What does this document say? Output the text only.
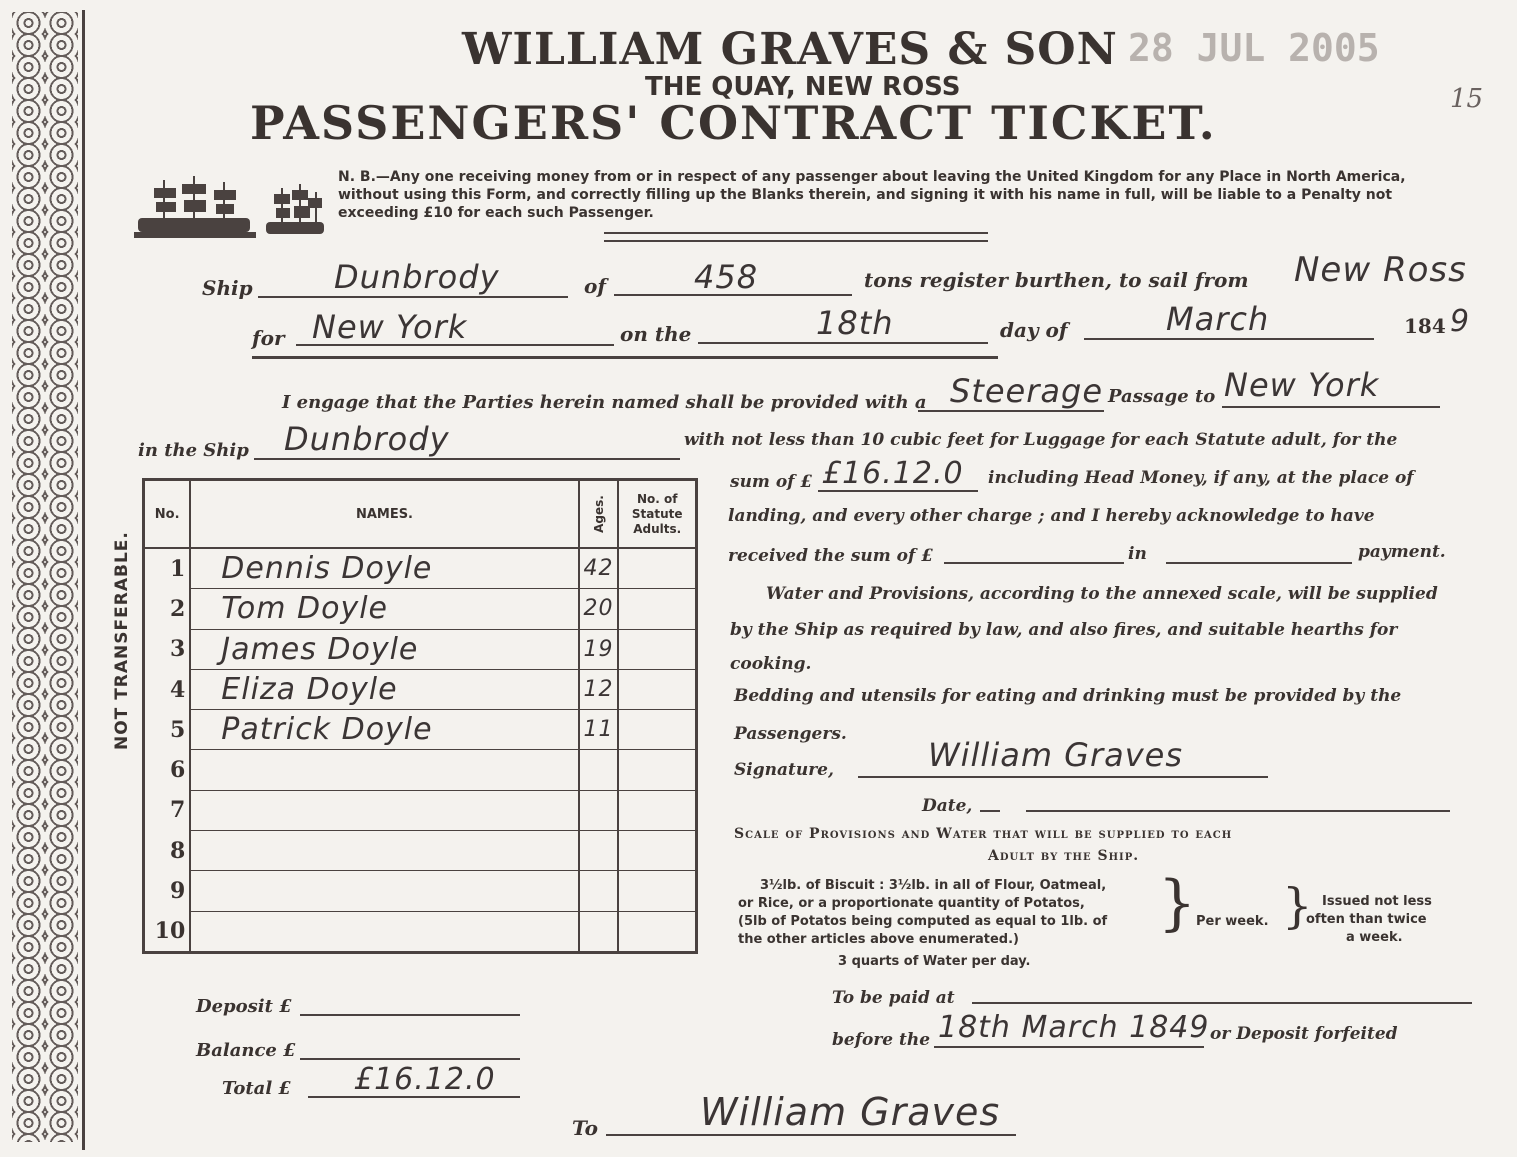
WILLIAM GRAVES & SON 28 JUL 2005
15
THE QUAY, NEW ROSS
PASSENGERS' CONTRACT TICKET.
N. B.—Any one receiving money from or in respect of any passenger about leaving the United Kingdom for any Place in North America, without using this Form, and correctly filling up the Blanks therein, and signing it with his name in full, will be liable to a Penalty not exceeding £10 for each such Passenger.
NOT TRANSFERABLE.
Ship	Dunbrody	of	458	tons register burthen, to sail from New Ross
for New York	on the	18th	day of	March	184 9
I engage that the Parties herein named shall be provided with a Steerage Passage to New York
in the Ship Dunbrody	with not less than 10 cubic feet for Luggage for each Statute adult, for the
sum of £ £16.12.0 including Head Money, if any, at the place of
landing, and every other charge ; and I hereby acknowledge to have
received the sum of £	in	payment.
Water and Provisions, according to the annexed scale, will be supplied
by the Ship as required by law, and also fires, and suitable hearths for
cooking.
Bedding and utensils for eating and drinking must be provided by the
Passengers.
Signature,	William Graves
Date,
No.	NAMES.	Ages.	No. of Statute Adults.
1	Dennis Doyle	42	
2	Tom Doyle	20	
3	James Doyle	19	
4	Eliza Doyle	12	
5	Patrick Doyle	11	
6			
7			
8			
9			
10			
Scale of Provisions and Water that will be supplied to each
Adult by the Ship.
3½lb. of Biscuit : 3½lb. in all of Flour, Oatmeal,
or Rice, or a proportionate quantity of Potatos,
(5lb of Potatos being computed as equal to 1lb. of
the other articles above enumerated.)
3 quarts of Water per day.
} Per week. } Issued not less
often than twice
a week.
Deposit £
Balance £
Total £ £16.12.0
To be paid at
before the 18th March 1849 or Deposit forfeited
To	William Graves
